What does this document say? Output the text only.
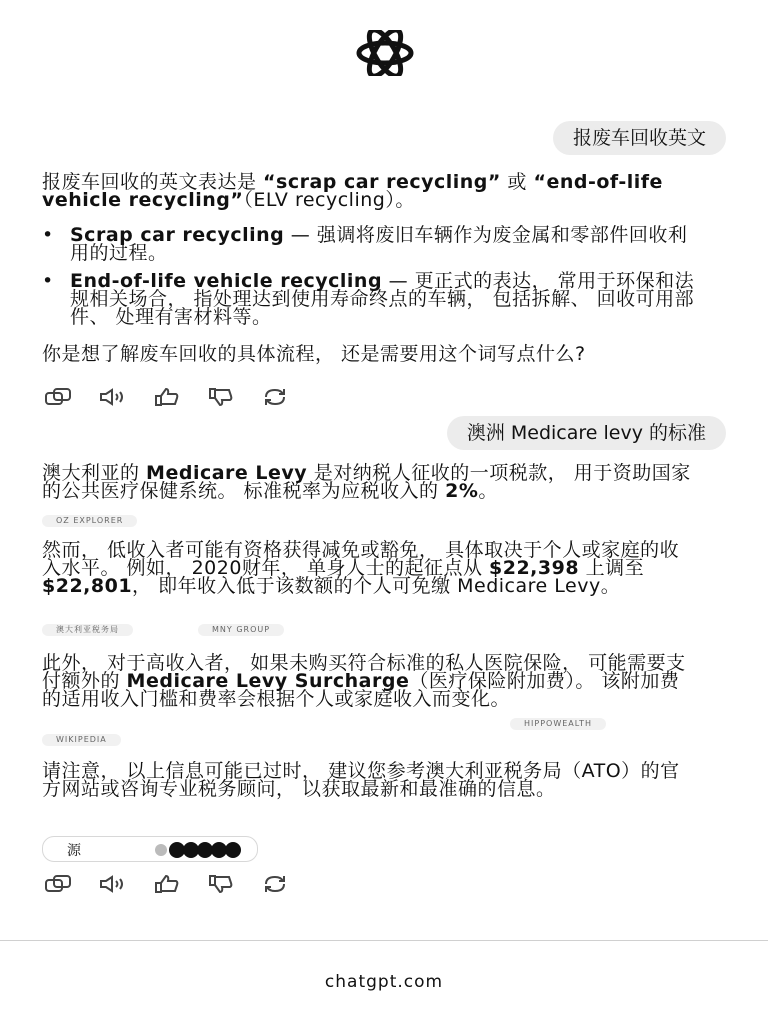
报废车回收英文
报废车回收的英文表达是 “scrap car recycling” 或 “end-of-life vehicle recycling”（ELV recycling）。
• Scrap car recycling — 强调将废旧车辆作为废金属和零部件回收利用的过程。
• End-of-life vehicle recycling — 更正式的表达， 常用于环保和法规相关场合， 指处理达到使用寿命终点的车辆， 包括拆解、 回收可用部件、 处理有害材料等。
你是想了解废车回收的具体流程， 还是需要用这个词写点什么?
澳洲 Medicare levy 的标准
澳大利亚的 Medicare Levy 是对纳税人征收的一项税款， 用于资助国家的公共医疗保健系统。 标准税率为应税收入的 2%。
OZ EXPLORER
然而， 低收入者可能有资格获得减免或豁免， 具体取决于个人或家庭的收入水平。 例如， 2020财年， 单身人士的起征点从 $22,398 上调至 $22,801， 即年收入低于该数额的个人可免缴 Medicare Levy。
澳大利亚税务局	MNY GROUP
此外， 对于高收入者， 如果未购买符合标准的私人医院保险， 可能需要支付额外的 Medicare Levy Surcharge（医疗保险附加费）。 该附加费的适用收入门槛和费率会根据个人或家庭收入而变化。
HIPPOWEALTH
WIKIPEDIA
请注意， 以上信息可能已过时， 建议您参考澳大利亚税务局（ATO）的官方网站或咨询专业税务顾问， 以获取最新和最准确的信息。
源
chatgpt.com
